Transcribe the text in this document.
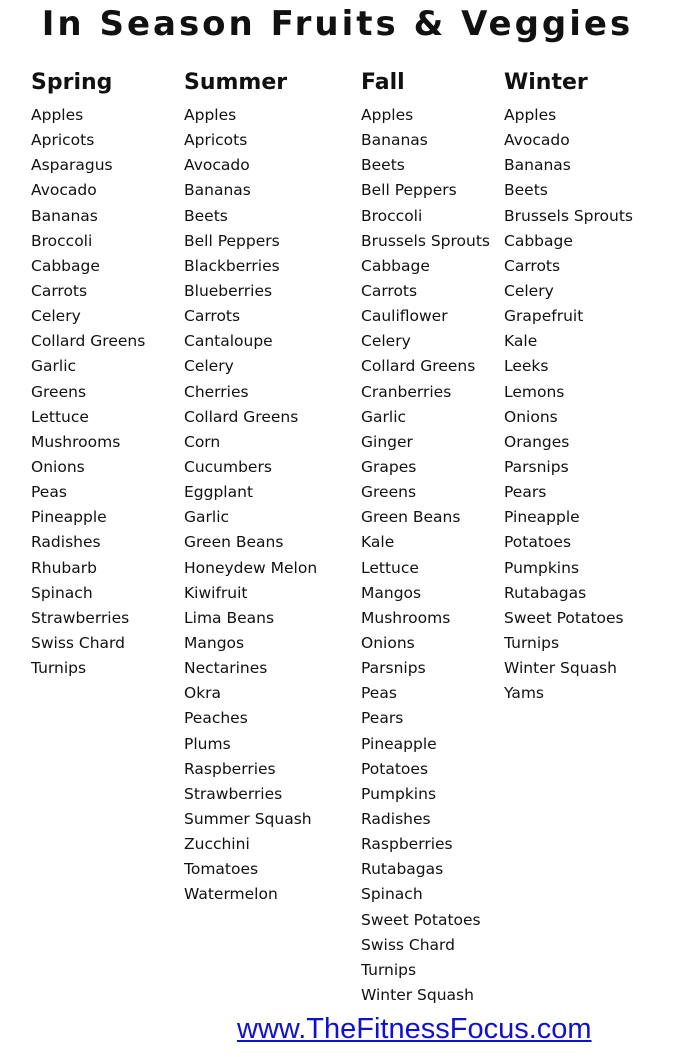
In Season Fruits & Veggies
Spring
Apples
Apricots
Asparagus
Avocado
Bananas
Broccoli
Cabbage
Carrots
Celery
Collard Greens
Garlic
Greens
Lettuce
Mushrooms
Onions
Peas
Pineapple
Radishes
Rhubarb
Spinach
Strawberries
Swiss Chard
Turnips
Summer
Apples
Apricots
Avocado
Bananas
Beets
Bell Peppers
Blackberries
Blueberries
Carrots
Cantaloupe
Celery
Cherries
Collard Greens
Corn
Cucumbers
Eggplant
Garlic
Green Beans
Honeydew Melon
Kiwifruit
Lima Beans
Mangos
Nectarines
Okra
Peaches
Plums
Raspberries
Strawberries
Summer Squash
Zucchini
Tomatoes
Watermelon
Fall
Apples
Bananas
Beets
Bell Peppers
Broccoli
Brussels Sprouts
Cabbage
Carrots
Cauliflower
Celery
Collard Greens
Cranberries
Garlic
Ginger
Grapes
Greens
Green Beans
Kale
Lettuce
Mangos
Mushrooms
Onions
Parsnips
Peas
Pears
Pineapple
Potatoes
Pumpkins
Radishes
Raspberries
Rutabagas
Spinach
Sweet Potatoes
Swiss Chard
Turnips
Winter Squash
Winter
Apples
Avocado
Bananas
Beets
Brussels Sprouts
Cabbage
Carrots
Celery
Grapefruit
Kale
Leeks
Lemons
Onions
Oranges
Parsnips
Pears
Pineapple
Potatoes
Pumpkins
Rutabagas
Sweet Potatoes
Turnips
Winter Squash
Yams
www.TheFitnessFocus.com
